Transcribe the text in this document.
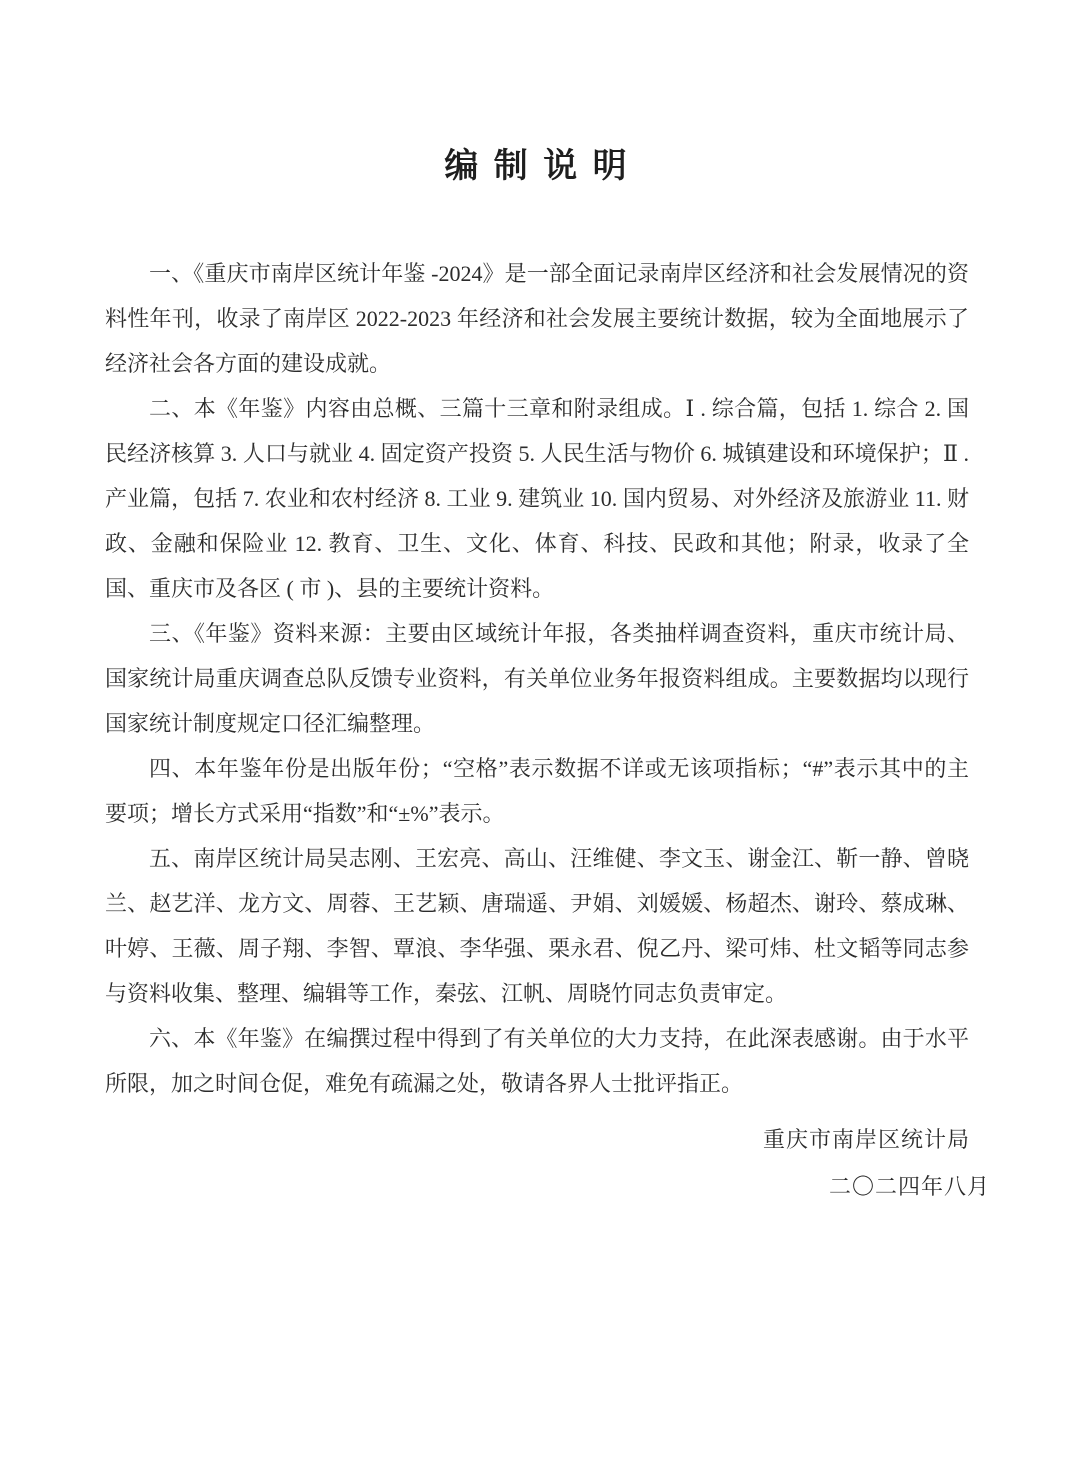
编 制 说 明

一、《重庆市南岸区统计年鉴 -2024》是一部全面记录南岸区经济和社会发展情况的资料性年刊，收录了南岸区 2022-2023 年经济和社会发展主要统计数据，较为全面地展示了经济社会各方面的建设成就。

二、本《年鉴》内容由总概、三篇十三章和附录组成。Ⅰ . 综合篇，包括 1. 综合 2. 国民经济核算 3. 人口与就业 4. 固定资产投资 5. 人民生活与物价 6. 城镇建设和环境保护；Ⅱ . 产业篇，包括 7. 农业和农村经济 8. 工业 9. 建筑业 10. 国内贸易、对外经济及旅游业 11. 财政、金融和保险业 12. 教育、卫生、文化、体育、科技、民政和其他；附录，收录了全国、重庆市及各区 ( 市 )、县的主要统计资料。

三、《年鉴》资料来源：主要由区域统计年报，各类抽样调查资料，重庆市统计局、国家统计局重庆调查总队反馈专业资料，有关单位业务年报资料组成。主要数据均以现行国家统计制度规定口径汇编整理。

四、本年鉴年份是出版年份；“空格”表示数据不详或无该项指标；“#”表示其中的主要项；增长方式采用“指数”和“±%”表示。

五、南岸区统计局吴志刚、王宏亮、高山、汪维健、李文玉、谢金江、靳一静、曾晓兰、赵艺洋、龙方文、周蓉、王艺颖、唐瑞遥、尹娟、刘媛媛、杨超杰、谢玲、蔡成琳、叶婷、王薇、周子翔、李智、覃浪、李华强、栗永君、倪乙丹、梁可炜、杜文韬等同志参与资料收集、整理、编辑等工作，秦弦、江帆、周晓竹同志负责审定。

六、本《年鉴》在编撰过程中得到了有关单位的大力支持，在此深表感谢。由于水平所限，加之时间仓促，难免有疏漏之处，敬请各界人士批评指正。

重庆市南岸区统计局
二〇二四年八月
